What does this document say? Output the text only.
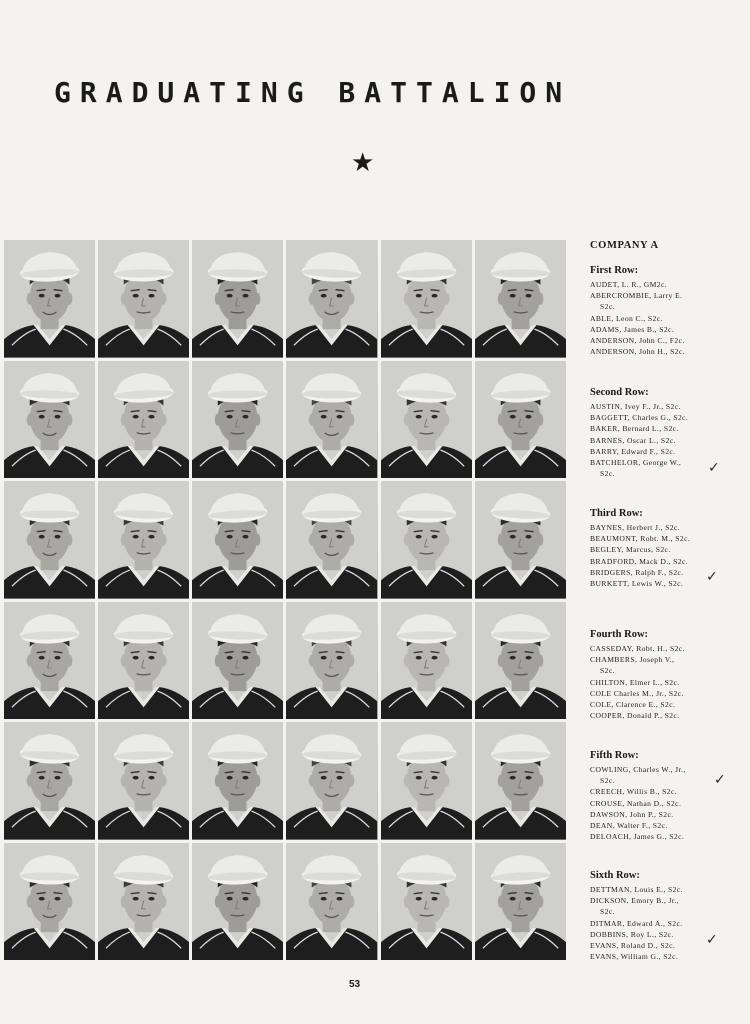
GRADUATING BATTALION
★
COMPANY A
First Row:
AUDET, L. R., GM2c.
ABERCROMBIE, Larry E.
S2c.
ABLE, Leon C., S2c.
ADAMS, James B., S2c.
ANDERSON, John C., F2c.
ANDERSON, John H., S2c.
Second Row:
AUSTIN, Ivey F., Jr., S2c.
BAGGETT, Charles G., S2c.
BAKER, Bernard L., S2c.
BARNES, Oscar L., S2c.
BARRY, Edward F., S2c.
BATCHELOR, George W.,
S2c.
Third Row:
BAYNES, Herbert J., S2c.
BEAUMONT, Robt. M., S2c.
BEGLEY, Marcus, S2c.
BRADFORD, Mack D., S2c.
BRIDGERS, Ralph F., S2c.
BURKETT, Lewis W., S2c.
Fourth Row:
CASSEDAY, Robt. H., S2c.
CHAMBERS, Joseph V.,
S2c.
CHILTON, Elmer L., S2c.
COLE Charles M., Jr., S2c.
COLE, Clarence E., S2c.
COOPER, Donald P., S2c.
Fifth Row:
COWLING, Charles W., Jr.,
S2c.
CREECH, Willis B., S2c.
CROUSE, Nathan D., S2c.
DAWSON, John P., S2c.
DEAN, Walter F., S2c.
DELOACH, James G., S2c.
Sixth Row:
DETTMAN, Louis E., S2c.
DICKSON, Emory B., Jr.,
S2c.
DITMAR, Edward A., S2c.
DOBBINS, Roy L., S2c.
EVANS, Roland D., S2c.
EVANS, William G., S2c.
✓
✓
✓
✓
53
